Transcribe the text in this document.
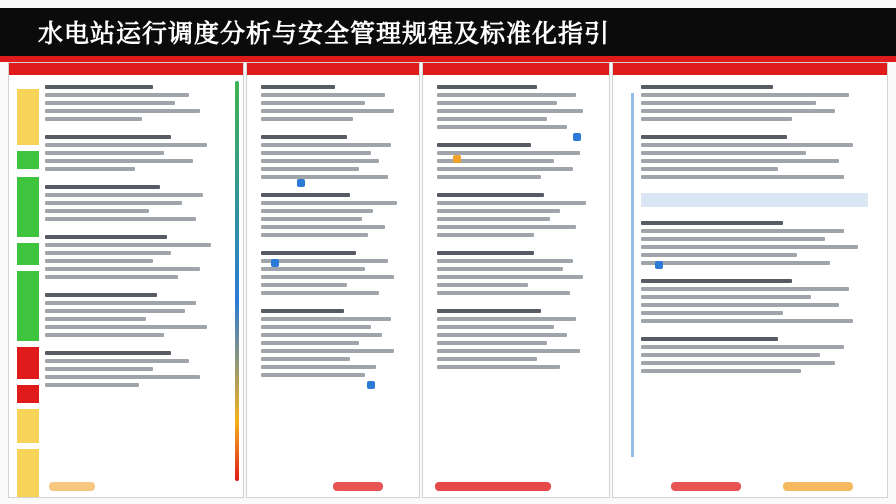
水电站运行调度分析与安全管理规程及标准化指引
